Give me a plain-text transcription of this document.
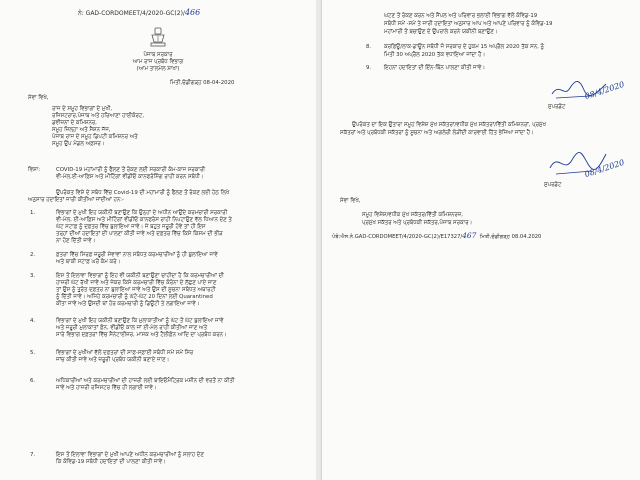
ਨੰ: GAD-CORDOMEET/4/2020-GC(2)/466
ਪੰਜਾਬ ਸਰਕਾਰ
ਆਮ ਰਾਜ ਪ੍ਰਬੰਧ ਵਿਭਾਗ
(ਆਮ ਤਾਲਮੇਲ ਸ਼ਾਖਾ)
ਮਿਤੀ,ਚੰਡੀਗੜ੍ਹ 08-04-2020
ਸੇਵਾ ਵਿਖੇ,
ਰਾਜ ਦੇ ਸਮੂਹ ਵਿਭਾਗਾਂ ਦੇ ਮੁਖੀ,
ਰਜਿਸਟਰਾਰ,ਪੰਜਾਬ ਅਤੇ ਹਰਿਆਣਾ ਹਾਈਕੋਰਟ,
ਡਵੀਜ਼ਨਾਂ ਦੇ ਕਮਿਸ਼ਨਰ,
ਸਮੂਹ ਜ਼ਿਲ੍ਹਾ ਅਤੇ ਸੈਸ਼ਨ ਜੱਜ,
ਪੰਜਾਬ ਰਾਜ ਦੇ ਸਮੂਹ ਡਿਪਟੀ ਕਮਿਸ਼ਨਰ ਅਤੇ
ਸਮੂਹ ਉਪ ਮੰਡਲ ਅਫ਼ਸਰ।
ਵਿਸ਼ਾ:	COVID-19 ਮਹਾਂਮਾਰੀ ਨੂੰ ਫੈਲਣ ਤੋਂ ਰੋਕਣ ਲਈ ਸਰਕਾਰੀ ਕੰਮ-ਕਾਜ ਸਰਕਾਰੀ
ਵੀ-ਮੇਲ,ਈ-ਆਫ਼ਿਸ ਅਤੇ ਮੀਟਿੰਗਾਂ ਵੀਡੀਓ ਕਾਨਫਰੰਸਿੰਗ ਰਾਹੀਂ ਕਰਨ ਸਬੰਧੀ।
ਉਪਰੋਕਤ ਵਿਸ਼ੇ ਦੇ ਸਬੰਧ ਵਿੱਚ Covid-19 ਦੀ ਮਹਾਂਮਾਰੀ ਨੂੰ ਫੈਲਣ ਤੋਂ ਰੋਕਣ ਲਈ ਹੇਠ ਲਿਖੇ
ਅਨੁਸਾਰ ਹਦਾਇਤਾਂ ਜਾਰੀ ਕੀਤੀਆਂ ਜਾਂਦੀਆਂ ਹਨ:-
1.	ਵਿਭਾਗਾਂ ਦੇ ਮੁਖੀ ਇਹ ਯਕੀਨੀ ਬਣਾਉਣ ਕਿ ਉਨ੍ਹਾਂ ਦੇ ਅਧੀਨ ਆਉਂਦੇ ਕਰਮਚਾਰੀ ਸਰਕਾਰੀ
ਵੀ-ਮੇਲ, ਈ-ਆਫ਼ਿਸ ਅਤੇ ਮੀਟਿੰਗਾਂ ਵੀਡੀਓ ਕਾਨਫਰੰਸ ਰਾਹੀਂ ਨਿਪਟਾਉਣ ਵੱਲ ਧਿਆਨ ਦੇਣ ਤੇ
ਘੱਟ ਸਟਾਫ਼ ਨੂੰ ਦਫ਼ਤਰ ਵਿੱਚ ਬੁਲਾਇਆ ਜਾਵੇ। ਜੇ ਬਹੁਤ ਜਰੂਰੀ ਹੋਵੇ ਤਾਂ ਹੀ ਇਸ
ਤਰ੍ਹਾਂ ਦੀਆਂ ਹਦਾਇਤਾਂ ਦੀ ਪਾਲਣਾ ਕੀਤੀ ਜਾਵੇ ਅਤੇ ਦਫ਼ਤਰ ਵਿੱਚ ਕਿਸੇ ਕਿਸਮ ਦੀ ਭੀੜ
ਨਾ ਹੋਣ ਦਿੱਤੀ ਜਾਵੇ।
2.	ਫ਼ਤਰਾਂ ਵਿੱਚ ਸਿਰਫ਼ ਜ਼ਰੂਰੀ ਸੇਵਾਵਾਂ ਨਾਲ ਸਬੰਧਤ ਕਰਮਚਾਰੀਆਂ ਨੂੰ ਹੀ ਬੁਲਾਇਆ ਜਾਵੇ
ਅਤੇ ਬਾਕੀ ਸਟਾਫ਼ ਘਰੋਂ ਕੰਮ ਕਰੇ।
3.	ਇਸ ਤੋਂ ਇਲਾਵਾ ਵਿਭਾਗਾਂ ਨੂੰ ਇਹ ਵੀ ਯਕੀਨੀ ਬਣਾਉਣਾ ਚਾਹੀਦਾ ਹੈ ਕਿ ਕਰਮਚਾਰੀਆਂ ਦੀ
ਹਾਜ਼ਰੀ ਘੱਟ ਰੱਖੀ ਜਾਵੇ ਅਤੇ ਜੇਕਰ ਕਿਸੇ ਕਰਮਚਾਰੀ ਵਿੱਚ ਕੋਰੋਨਾ ਦੇ ਲੱਛਣ ਪਾਏ ਜਾਣ
ਤਾਂ ਉਸ ਨੂੰ ਤੁਰੰਤ ਦਫ਼ਤਰ ਨਾ ਬੁਲਾਇਆ ਜਾਵੇ ਅਤੇ ਉਸ ਦੀ ਸੂਚਨਾ ਸਬੰਧਤ ਅਥਾਰਟੀ
ਨੂੰ ਦਿੱਤੀ ਜਾਵੇ। ਅਜਿਹੇ ਕਰਮਚਾਰੀ ਨੂੰ ਘੱਟੋ-ਘੱਟ 20 ਦਿਨਾਂ ਲਈ Quarantined
ਕੀਤਾ ਜਾਵੇ ਅਤੇ ਉਸਦੀ ਥਾਂ ਹੋਰ ਕਰਮਚਾਰੀ ਨੂੰ ਡਿਊਟੀ ਤੇ ਲਗਾਇਆ ਜਾਵੇ।
4.	ਵਿਭਾਗਾਂ ਦੇ ਮੁਖੀ ਇਹ ਯਕੀਨੀ ਬਣਾਉਣ ਕਿ ਮੁਲਾਕਾਤੀਆਂ ਨੂੰ ਘੱਟ ਤੋਂ ਘੱਟ ਬੁਲਾਇਆ ਜਾਵੇ
ਅਤੇ ਜਰੂਰੀ ਮੁਲਾਕਾਤਾਂ ਫ਼ੋਨ, ਵੀਡੀਓ ਕਾਲ ਜਾਂ ਈ-ਮੇਲ ਰਾਹੀਂ ਕੀਤੀਆਂ ਜਾਣ ਅਤੇ
ਸਾਰੇ ਵਿਭਾਗ ਦਫ਼ਤਰਾਂ ਵਿੱਚ ਸੈਨੇਟਾਈਜ਼ਰ, ਮਾਸਕ ਅਤੇ ਟੈਲੀਫ਼ੋਨ ਆਦਿ ਦਾ ਪ੍ਰਬੰਧ ਕਰਨ।
5.	ਵਿਭਾਗਾਂ ਦੇ ਮੁਖੀਆਂ ਵੱਲੋਂ ਦਫ਼ਤਰਾਂ ਦੀ ਸਾਫ਼-ਸਫ਼ਾਈ ਸਬੰਧੀ ਸਮੇਂ ਸਮੇਂ ਸਿਰ
ਜਾਂਚ ਕੀਤੀ ਜਾਵੇ ਅਤੇ ਜ਼ਰੂਰੀ ਪ੍ਰਬੰਧ ਯਕੀਨੀ ਬਣਾਏ ਜਾਣ।
6.	ਅਧਿਕਾਰੀਆਂ ਅਤੇ ਕਰਮਚਾਰੀਆਂ ਦੀ ਹਾਜ਼ਰੀ ਲਈ ਬਾਇਓਮੈਟ੍ਰਿਕ ਮਸ਼ੀਨ ਦੀ ਵਰਤੋਂ ਨਾ ਕੀਤੀ
ਜਾਵੇ ਅਤੇ ਹਾਜ਼ਰੀ ਰਜਿਸਟਰ ਵਿੱਚ ਹੀ ਲਗਾਈ ਜਾਵੇ।
7.	ਇਸ ਤੋਂ ਇਲਾਵਾ ਵਿਭਾਗਾਂ ਦੇ ਮੁਖੀ ਆਪਣੇ ਅਧੀਨ ਕਰਮਚਾਰੀਆਂ ਨੂੰ ਸਲਾਹ ਦੇਣ
ਕਿ ਕੋਵਿਡ-19 ਸਬੰਧੀ ਹਦਾਇਤਾਂ ਦੀ ਪਾਲਣਾ ਕੀਤੀ ਜਾਵੇ।
ਘਟਣ ਤੋਂ ਰੋਕਣ ਕਰਨ ਅਤੇ ਸੈਂਪਲ ਅਤੇ ਪਰਿਵਾਰ ਭਲਾਈ ਵਿਭਾਗ ਵੱਲੋਂ ਕੋਵਿਡ-19
ਸਬੰਧੀ ਸਮੇਂ -ਸਮੇਂ ਤੇ ਜਾਰੀ ਹਦਾਇਤਾਂ ਅਨੁਸਾਰ ਆਪ ਅਤੇ ਆਪਣੇ ਪਰਿਵਾਰ ਨੂੰ ਕੋਵਿਡ-19
ਮਹਾਂਮਾਰੀ ਤੋਂ ਬਚਾਉਣ ਦੇ ਉਪਰਾਲੇ ਕਰਨੇ ਯਕੀਨੀ ਬਣਾਉਣ।
8. ਕਰਫ਼ਿਊ/ਲਾਕ-ਡਾਊਨ ਸਬੰਧੀ ਜੋ ਸਰਕਾਰ ਦੇ ਹੁਕਮ 15 ਅਪ੍ਰੈਲ 2020 ਤੱਕ ਸਨ, ਨੂੰ
ਮਿਤੀ 30 ਅਪ੍ਰੈਲ 2020 ਤੱਕ ਵਧਾਇਆ ਜਾਂਦਾ ਹੈ।
9. ਇਹਨਾਂ ਹਦਾਇਤਾਂ ਦੀ ਇੰਨ-ਬਿੰਨ ਪਾਲਣਾ ਕੀਤੀ ਜਾਵੇ।
08/4/2020
ਸੁਪਰਡੰਟ
ਉਪਰੋਕਤ ਦਾ ਇਕ ਉਤਾਰਾ ਸਮੂਹ ਵਿਸ਼ੇਸ਼ ਮੁੱਖ ਸਕੱਤਰਾਂ/ਵਧੀਕ ਮੁੱਖ ਸਕੱਤਰਾਂ/ਵਿੱਤੀ ਕਮਿਸ਼ਨਰਾਂ, ਪ੍ਰਮੁੱਖ
ਸਕੱਤਰਾਂ ਅਤੇ ਪ੍ਰਬੰਧਕੀ ਸਕੱਤਰਾਂ ਨੂੰ ਸੂਚਨਾ ਅਤੇ ਅਗਲੇਰੀ ਲੋੜੀਂਦੀ ਕਾਰਵਾਈ ਹਿੱਤ ਭੇਜਿਆ ਜਾਂਦਾ ਹੈ।
08/4/2020
ਸੁਪਰਡੰਟ
ਸੇਵਾ ਵਿਖੇ,
ਸਮੂਹ ਵਿਸ਼ੇਸ਼/ਵਧੀਕ ਮੁੱਖ ਸਕੱਤਰ/ਵਿੱਤੀ ਕਮਿਸ਼ਨਰਜ਼,
ਪ੍ਰਮੁੱਖ ਸਕੱਤਰ ਅਤੇ ਪ੍ਰਬੰਧਕੀ ਸਕੱਤਰ,ਪੰਜਾਬ ਸਰਕਾਰ।
ਪੰਬੰ:ਐਸ.ਨੰ.GAD-CORDOMEET/4/2020-GC(2)/E17327/467 ਮਿਤੀ,ਚੰਡੀਗੜ੍ਹ 08.04.2020
